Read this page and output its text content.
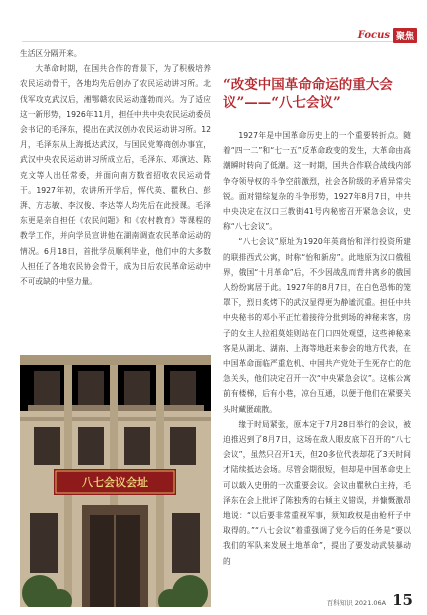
Focus 聚焦

生活区分隔开来。

大革命时期，在国共合作的背景下，为了积极培养农民运动骨干，各地均先后创办了农民运动讲习所。北伐军攻克武汉后，湘鄂赣农民运动蓬勃而兴。为了适应这一新形势，1926年11月，担任中共中央农民运动委员会书记的毛泽东，提出在武汉创办农民运动讲习所。12月，毛泽东从上海抵达武汉，与国民党筹商创办事宜，武汉中央农民运动讲习所成立后，毛泽东、邓演达、陈克文等人出任常委，并面向南方数省招收农民运动骨干。1927年初，农讲所开学后，恽代英、瞿秋白、彭湃、方志敏、李汉俊、李达等人均先后在此授课。毛泽东更是亲自担任《农民问题》和《农村教育》等课程的教学工作，并向学员宣讲他在湖南调查农民革命运动的情况。6月18日，首批学员顺利毕业，他们中的大多数人担任了各地农民协会骨干，成为日后农民革命运动中不可或缺的中坚力量。

八七会议会址
“改变中国革命命运的重大会议”——“八七会议”

1927年是中国革命历史上的一个重要转折点。随着“四一二”和“七一五”反革命政变的发生，大革命由高潮瞬时转向了低潮。这一时期，国共合作联合战线内部争夺领导权的斗争空前激烈，社会各阶级的矛盾异常尖锐。面对错综复杂的斗争形势，1927年8月7日，中共中央决定在汉口三教街41号内秘密召开紧急会议，史称“八七会议”。

“八七会议”原址为1920年英商怡和洋行投资所建的联排西式公寓，时称“怡和新房”。此地原为汉口俄租界，俄国“十月革命”后，不少因战乱而背井离乡的俄国人纷纷寓居于此。1927年的8月7日，在白色恐怖的笼罩下，烈日炙烤下的武汉显得更为静谧沉重。担任中共中央秘书的邓小平正忙着接待分批到场的神秘来客，房子的女主人拉祖莫娃则站在门口四处观望，这些神秘来客是从湖北、湖南、上海等地赶来参会的地方代表，在中国革命面临严重危机、中国共产党处于生死存亡的危急关头，他们决定召开一次“中央紧急会议”。这栋公寓前有楼梯，后有小巷，凉台互通，以便于他们在紧要关头时藏匿疏散。

缘于时局紧张，原本定于7月28日举行的会议，被迫推迟到了8月7日，这场在敌人眼皮底下召开的“八七会议”，虽然只召开1天，但20多位代表却花了3天时间才陆续抵达会场。尽管会期很短，但却是中国革命史上可以载入史册的一次重要会议。会议由瞿秋白主持，毛泽东在会上批评了陈独秀的右倾主义错误，并慷慨激昂地说：“以后要非常重视军事，须知政权是由枪杆子中取得的。”“八七会议”着重强调了党今后的任务是“要以我们的军队来发展土地革命”，提出了要发动武装暴动的

百科知识 2021.06A 15
